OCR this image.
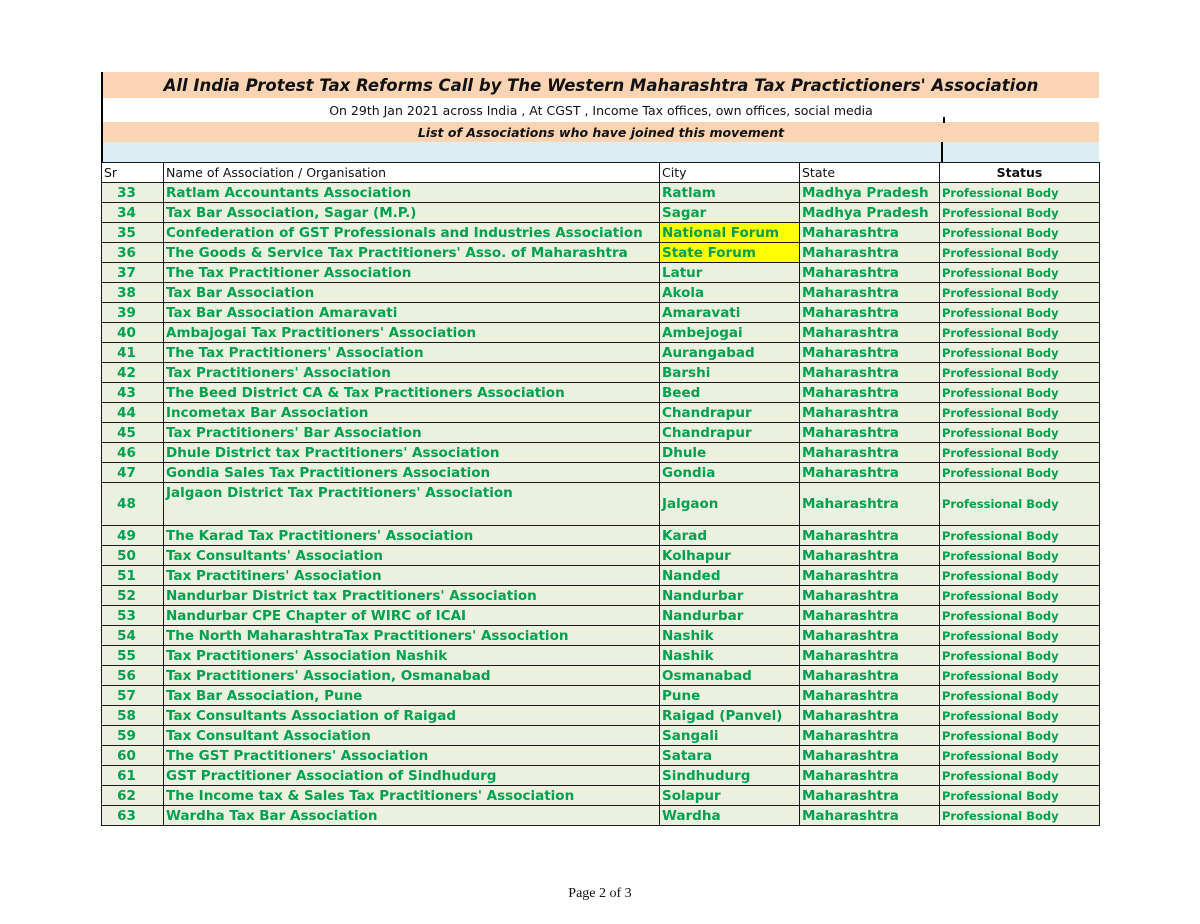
All India Protest Tax Reforms Call by The Western Maharashtra Tax Practictioners' Association
On 29th Jan 2021 across India , At CGST , Income Tax offices, own offices, social media
List of Associations who have joined this movement
Sr	Name of Association / Organisation	City	State	Status
33	Ratlam Accountants Association	Ratlam	Madhya Pradesh	Professional Body
34	Tax Bar Association, Sagar (M.P.)	Sagar	Madhya Pradesh	Professional Body
35	Confederation of GST Professionals and Industries Association	National Forum	Maharashtra	Professional Body
36	The Goods & Service Tax Practitioners' Asso. of Maharashtra	State Forum	Maharashtra	Professional Body
37	The Tax Practitioner Association	Latur	Maharashtra	Professional Body
38	Tax Bar Association	Akola	Maharashtra	Professional Body
39	Tax Bar Association Amaravati	Amaravati	Maharashtra	Professional Body
40	Ambajogai Tax Practitioners' Association	Ambejogai	Maharashtra	Professional Body
41	The Tax Practitioners' Association	Aurangabad	Maharashtra	Professional Body
42	Tax Practitioners' Association	Barshi	Maharashtra	Professional Body
43	The Beed District CA & Tax Practitioners Association	Beed	Maharashtra	Professional Body
44	Incometax Bar Association	Chandrapur	Maharashtra	Professional Body
45	Tax Practitioners' Bar Association	Chandrapur	Maharashtra	Professional Body
46	Dhule District tax Practitioners' Association	Dhule	Maharashtra	Professional Body
47	Gondia Sales Tax Practitioners Association	Gondia	Maharashtra	Professional Body
48	Jalgaon District Tax Practitioners' Association	Jalgaon	Maharashtra	Professional Body
49	The Karad Tax Practitioners' Association	Karad	Maharashtra	Professional Body
50	Tax Consultants' Association	Kolhapur	Maharashtra	Professional Body
51	Tax Practitiners' Association	Nanded	Maharashtra	Professional Body
52	Nandurbar District tax Practitioners' Association	Nandurbar	Maharashtra	Professional Body
53	Nandurbar CPE Chapter of WIRC of ICAI	Nandurbar	Maharashtra	Professional Body
54	The North MaharashtraTax Practitioners' Association	Nashik	Maharashtra	Professional Body
55	Tax Practitioners' Association Nashik	Nashik	Maharashtra	Professional Body
56	Tax Practitioners' Association, Osmanabad	Osmanabad	Maharashtra	Professional Body
57	Tax Bar Association, Pune	Pune	Maharashtra	Professional Body
58	Tax Consultants Association of Raigad	Raigad (Panvel)	Maharashtra	Professional Body
59	Tax Consultant Association	Sangali	Maharashtra	Professional Body
60	The GST Practitioners' Association	Satara	Maharashtra	Professional Body
61	GST Practitioner Association of Sindhudurg	Sindhudurg	Maharashtra	Professional Body
62	The Income tax & Sales Tax Practitioners' Association	Solapur	Maharashtra	Professional Body
63	Wardha Tax Bar Association	Wardha	Maharashtra	Professional Body
Page 2 of 3
